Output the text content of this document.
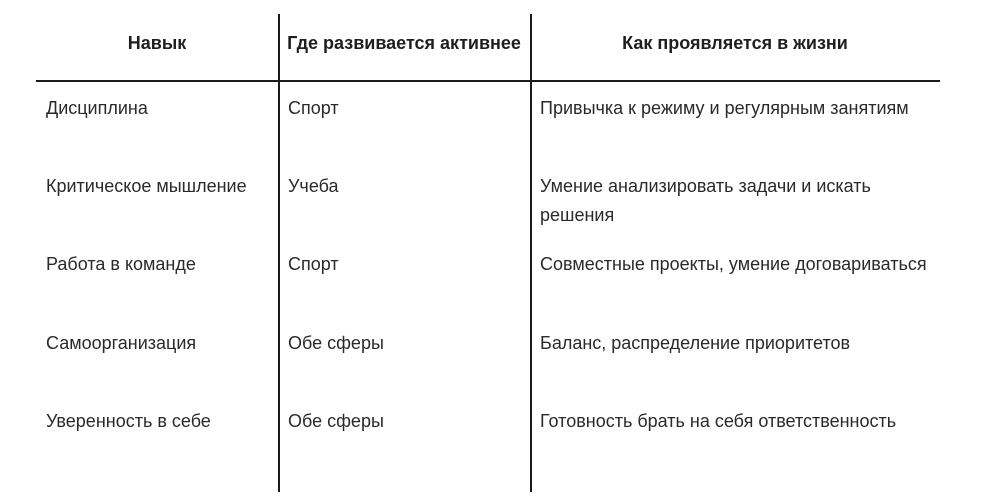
Навык	Где развивается активнее	Как проявляется в жизни
Дисциплина	Спорт	Привычка к режиму и регулярным занятиям
Критическое мышление	Учеба	Умение анализировать задачи и искать решения
Работа в команде	Спорт	Совместные проекты, умение договариваться
Самоорганизация	Обе сферы	Баланс, распределение приоритетов
Уверенность в себе	Обе сферы	Готовность брать на себя ответственность
